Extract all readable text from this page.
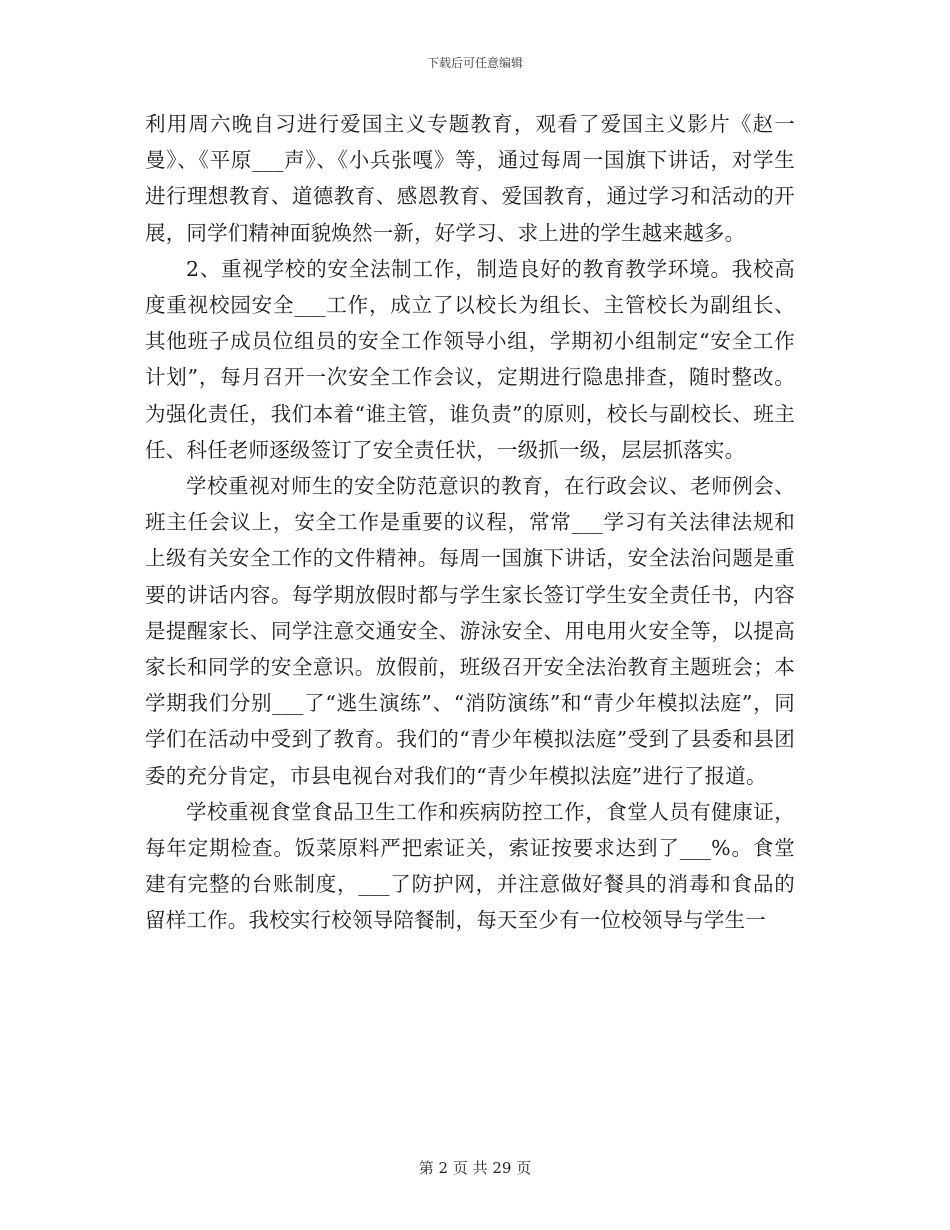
下载后可任意编辑

利用周六晚自习进行爱国主义专题教育，观看了爱国主义影片《赵一曼》、《平原___声》、《小兵张嘎》等，通过每周一国旗下讲话，对学生进行理想教育、道德教育、感恩教育、爱国教育，通过学习和活动的开展，同学们精神面貌焕然一新，好学习、求上进的学生越来越多。

2、重视学校的安全法制工作，制造良好的教育教学环境。我校高度重视校园安全___工作，成立了以校长为组长、主管校长为副组长、其他班子成员位组员的安全工作领导小组，学期初小组制定“安全工作计划”，每月召开一次安全工作会议，定期进行隐患排查，随时整改。为强化责任，我们本着“谁主管，谁负责”的原则，校长与副校长、班主任、科任老师逐级签订了安全责任状，一级抓一级，层层抓落实。

学校重视对师生的安全防范意识的教育，在行政会议、老师例会、班主任会议上，安全工作是重要的议程，常常___学习有关法律法规和上级有关安全工作的文件精神。每周一国旗下讲话，安全法治问题是重要的讲话内容。每学期放假时都与学生家长签订学生安全责任书，内容是提醒家长、同学注意交通安全、游泳安全、用电用火安全等，以提高家长和同学的安全意识。放假前，班级召开安全法治教育主题班会；本学期我们分别___了“逃生演练”、“消防演练”和“青少年模拟法庭”，同学们在活动中受到了教育。我们的“青少年模拟法庭”受到了县委和县团委的充分肯定，市县电视台对我们的“青少年模拟法庭”进行了报道。

学校重视食堂食品卫生工作和疾病防控工作，食堂人员有健康证，每年定期检查。饭菜原料严把索证关，索证按要求达到了___%。食堂建有完整的台账制度，___了防护网，并注意做好餐具的消毒和食品的留样工作。我校实行校领导陪餐制，每天至少有一位校领导与学生一

第 2 页 共 29 页
